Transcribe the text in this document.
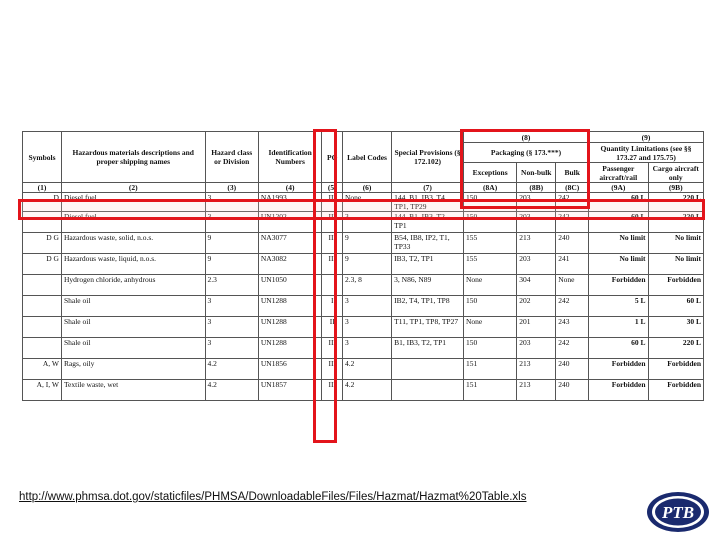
Symbols	Hazardous materials descriptions and proper shipping names	Hazard class or Division	Identification Numbers	PG	Label Codes	Special Provisions (§ 172.102)	(8)			(9)	
							Packaging (§ 173.***)			Quantity Limitations (see §§ 173.27 and 175.75)	
							Exceptions	Non-bulk	Bulk	Passenger aircraft/rail	Cargo aircraft only
(1)	(2)	(3)	(4)	(5)	(6)	(7)	(8A)	(8B)	(8C)	(9A)	(9B)
D	Diesel fuel	3	NA1993	III	None	144, B1, IB3, T4, TP1, TP29	150	203	242	60 L	220 L
	Diesel fuel	3	UN1202	III	3	144, B1, IB3, T2, TP1	150	203	242	60 L	220 L
D G	Hazardous waste, solid, n.o.s.	9	NA3077	III	9	B54, IB8, IP2, T1, TP33	155	213	240	No limit	No limit
D G	Hazardous waste, liquid, n.o.s.	9	NA3082	III	9	IB3, T2, TP1	155	203	241	No limit	No limit
	Hydrogen chloride, anhydrous	2.3	UN1050		2.3, 8	3, N86, N89	None	304	None	Forbidden	Forbidden
	Shale oil	3	UN1288	I	3	IB2, T4, TP1, TP8	150	202	242	5 L	60 L
	Shale oil	3	UN1288	II	3	T11, TP1, TP8, TP27	None	201	243	1 L	30 L
	Shale oil	3	UN1288	III	3	B1, IB3, T2, TP1	150	203	242	60 L	220 L
A, W	Rags, oily	4.2	UN1856	III	4.2		151	213	240	Forbidden	Forbidden
A, I, W	Textile waste, wet	4.2	UN1857	III	4.2		151	213	240	Forbidden	Forbidden
http://www.phmsa.dot.gov/staticfiles/PHMSA/DownloadableFiles/Files/Hazmat/Hazmat%20Table.xls
PTB
